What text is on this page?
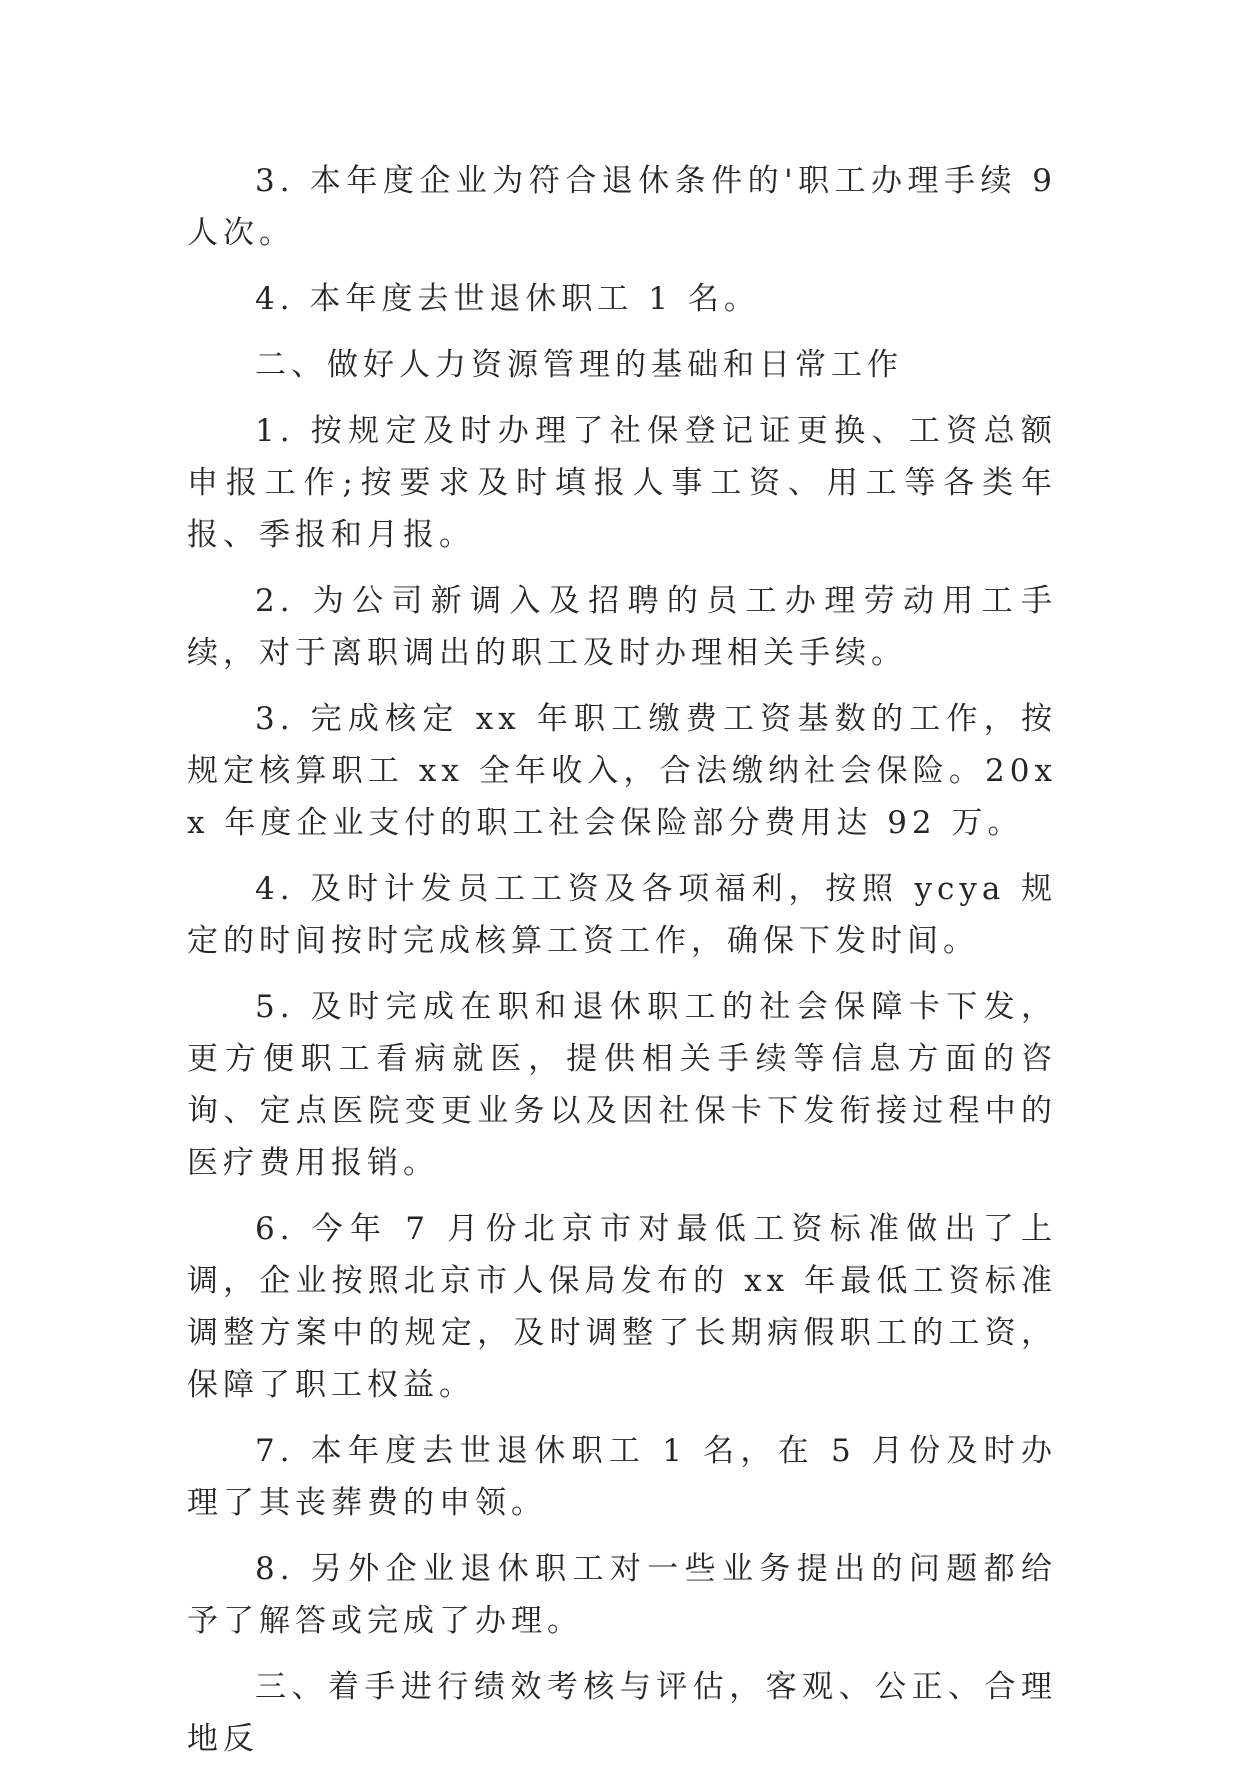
3. 本年度企业为符合退休条件的'职工办理手续 9 人次。

4. 本年度去世退休职工 1 名。

二、做好人力资源管理的基础和日常工作

1. 按规定及时办理了社保登记证更换、工资总额申报工作;按要求及时填报人事工资、用工等各类年报、季报和月报。

2. 为公司新调入及招聘的员工办理劳动用工手续，对于离职调出的职工及时办理相关手续。

3. 完成核定 xx 年职工缴费工资基数的工作，按规定核算职工 xx 全年收入，合法缴纳社会保险。20xx 年度企业支付的职工社会保险部分费用达 92 万。

4. 及时计发员工工资及各项福利，按照 ycya 规定的时间按时完成核算工资工作，确保下发时间。

5. 及时完成在职和退休职工的社会保障卡下发，更方便职工看病就医，提供相关手续等信息方面的咨询、定点医院变更业务以及因社保卡下发衔接过程中的医疗费用报销。

6. 今年 7 月份北京市对最低工资标准做出了上调，企业按照北京市人保局发布的 xx 年最低工资标准调整方案中的规定，及时调整了长期病假职工的工资，保障了职工权益。

7. 本年度去世退休职工 1 名，在 5 月份及时办理了其丧葬费的申领。

8. 另外企业退休职工对一些业务提出的问题都给予了解答或完成了办理。

三、着手进行绩效考核与评估，客观、公正、合理地反
